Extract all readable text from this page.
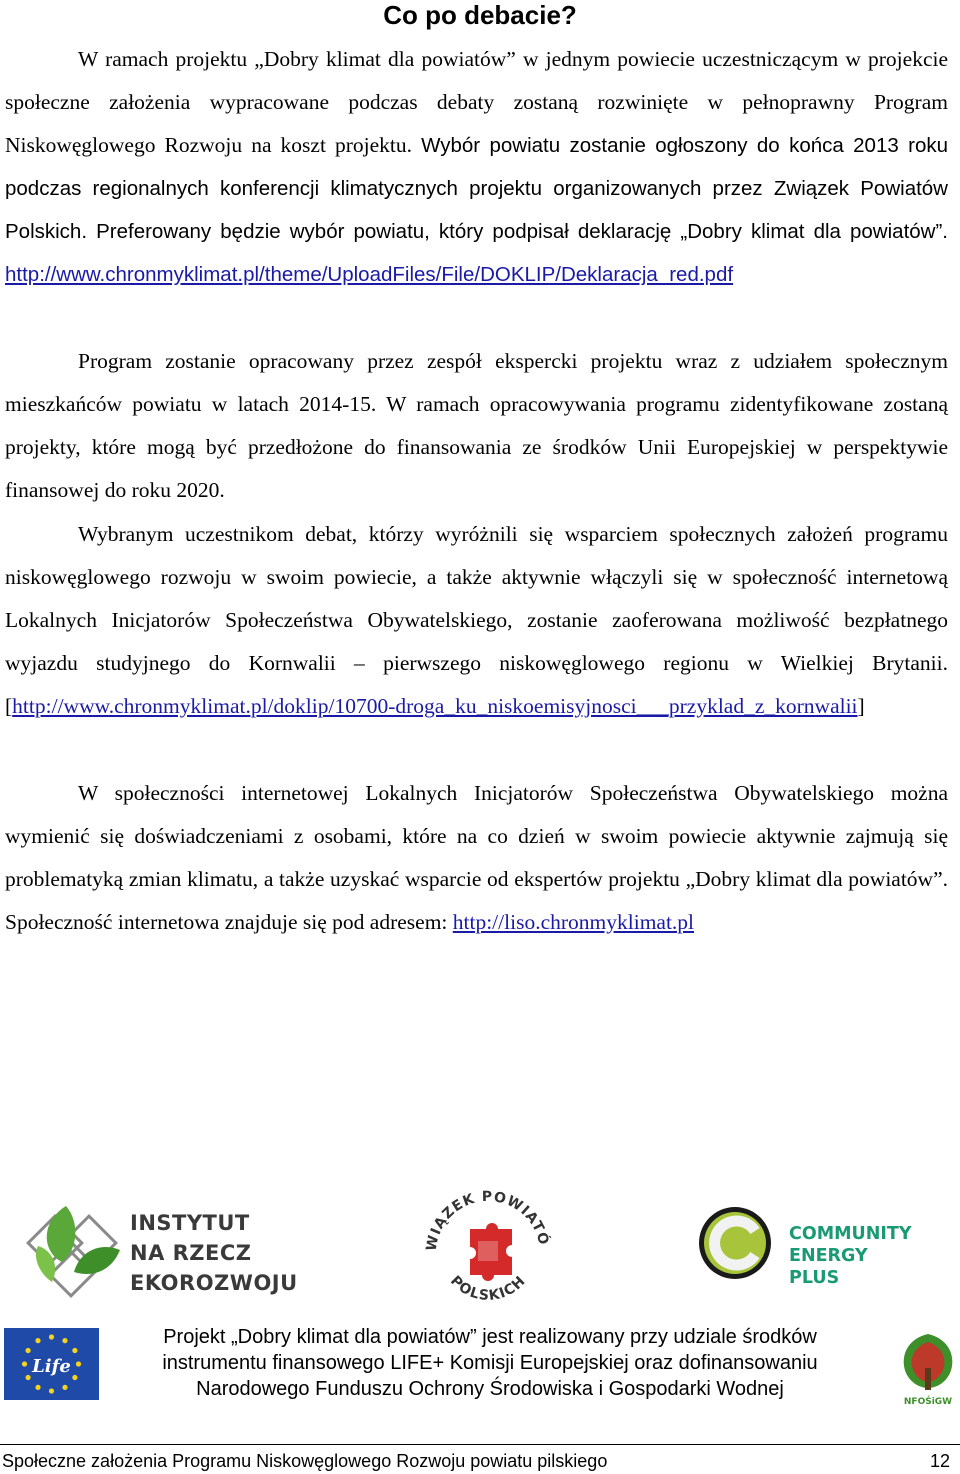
Co po debacie?

W ramach projektu „Dobry klimat dla powiatów” w jednym powiecie uczestniczącym w projekcie społeczne założenia wypracowane podczas debaty zostaną rozwinięte w pełnoprawny Program Niskowęglowego Rozwoju na koszt projektu. Wybór powiatu zostanie ogłoszony do końca 2013 roku podczas regionalnych konferencji klimatycznych projektu organizowanych przez Związek Powiatów Polskich. Preferowany będzie wybór powiatu, który podpisał deklarację „Dobry klimat dla powiatów”. http://www.chronmyklimat.pl/theme/UploadFiles/File/DOKLIP/Deklaracja_red.pdf

Program zostanie opracowany przez zespół ekspercki projektu wraz z udziałem społecznym mieszkańców powiatu w latach 2014-15. W ramach opracowywania programu zidentyfikowane zostaną projekty, które mogą być przedłożone do finansowania ze środków Unii Europejskiej w perspektywie finansowej do roku 2020.

Wybranym uczestnikom debat, którzy wyróżnili się wsparciem społecznych założeń programu niskowęglowego rozwoju w swoim powiecie, a także aktywnie włączyli się w społeczność internetową Lokalnych Inicjatorów Społeczeństwa Obywatelskiego, zostanie zaoferowana możliwość bezpłatnego wyjazdu studyjnego do Kornwalii – pierwszego niskowęglowego regionu w Wielkiej Brytanii. [http://www.chronmyklimat.pl/doklip/10700-droga_ku_niskoemisyjnosci___przyklad_z_kornwalii]

W społeczności internetowej Lokalnych Inicjatorów Społeczeństwa Obywatelskiego można wymienić się doświadczeniami z osobami, które na co dzień w swoim powiecie aktywnie zajmują się problematyką zmian klimatu, a także uzyskać wsparcie od ekspertów projektu „Dobry klimat dla powiatów”. Społeczność internetowa znajduje się pod adresem: http://liso.chronmyklimat.pl

INSTYTUT
NA RZECZ
EKOROZWOJU
WIĄZEK POWIATÓ
POLSKICH
COMMUNITY
ENERGY PLUS
Life
Projekt „Dobry klimat dla powiatów” jest realizowany przy udziale środków
instrumentu finansowego LIFE+ Komisji Europejskiej oraz dofinansowaniu
Narodowego Funduszu Ochrony Środowiska i Gospodarki Wodnej
NFOŚiGW
Społeczne założenia Programu Niskowęglowego Rozwoju powiatu pilskiego	12
